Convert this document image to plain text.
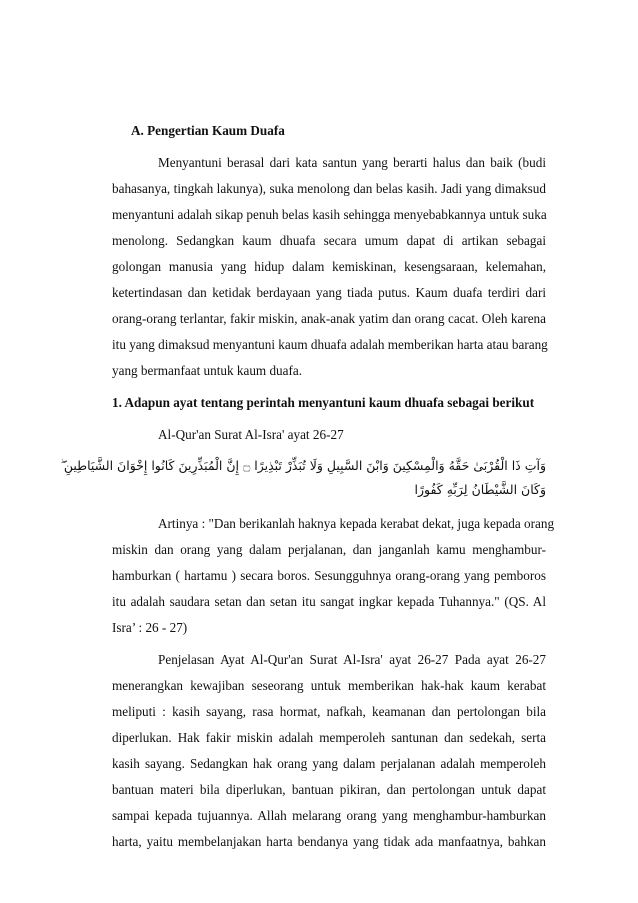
A. Pengertian Kaum Duafa
Menyantuni berasal dari kata santun yang berarti halus dan baik (budi
bahasanya, tingkah lakunya), suka menolong dan belas kasih. Jadi yang dimaksud
menyantuni adalah sikap penuh belas kasih sehingga menyebabkannya untuk suka
menolong. Sedangkan kaum dhuafa secara umum dapat di artikan sebagai
golongan manusia yang hidup dalam kemiskinan, kesengsaraan, kelemahan,
ketertindasan dan ketidak berdayaan yang tiada putus. Kaum duafa terdiri dari
orang-orang terlantar, fakir miskin, anak-anak yatim dan orang cacat. Oleh karena
itu yang dimaksud menyantuni kaum dhuafa adalah memberikan harta atau barang
yang bermanfaat untuk kaum duafa.
1. Adapun ayat tentang perintah menyantuni kaum dhuafa sebagai berikut
Al-Qur'an Surat Al-Isra' ayat 26-27
وَآتِ ذَا الْقُرْبَىٰ حَقَّهُ وَالْمِسْكِينَ وَابْنَ السَّبِيلِ وَلَا تُبَذِّرْ تَبْذِيرًا ۝ إِنَّ الْمُبَذِّرِينَ كَانُوا إِخْوَانَ الشَّيَاطِينِ ۖ
وَكَانَ الشَّيْطَانُ لِرَبِّهِ كَفُورًا
Artinya : "Dan berikanlah haknya kepada kerabat dekat, juga kepada orang
miskin dan orang yang dalam perjalanan, dan janganlah kamu menghambur-
hamburkan ( hartamu ) secara boros. Sesungguhnya orang-orang yang pemboros
itu adalah saudara setan dan setan itu sangat ingkar kepada Tuhannya." (QS. Al
Isra’ : 26 - 27)
Penjelasan Ayat Al-Qur'an Surat Al-Isra' ayat 26-27 Pada ayat 26-27
menerangkan kewajiban seseorang untuk memberikan hak-hak kaum kerabat
meliputi : kasih sayang, rasa hormat, nafkah, keamanan dan pertolongan bila
diperlukan. Hak fakir miskin adalah memperoleh santunan dan sedekah, serta
kasih sayang. Sedangkan hak orang yang dalam perjalanan adalah memperoleh
bantuan materi bila diperlukan, bantuan pikiran, dan pertolongan untuk dapat
sampai kepada tujuannya. Allah melarang orang yang menghambur-hamburkan
harta, yaitu membelanjakan harta bendanya yang tidak ada manfaatnya, bahkan
